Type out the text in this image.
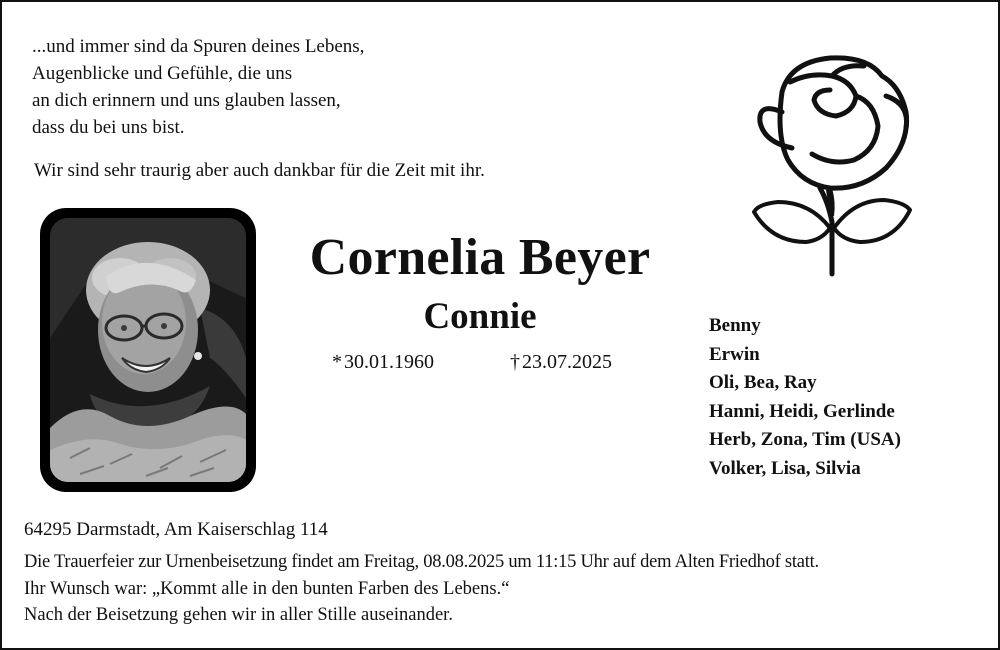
...und immer sind da Spuren deines Lebens,
Augenblicke und Gefühle, die uns
an dich erinnern und uns glauben lassen,
dass du bei uns bist.
Wir sind sehr traurig aber auch dankbar für die Zeit mit ihr.
Cornelia Beyer
Connie
* 30.01.1960	† 23.07.2025
Benny
Erwin
Oli, Bea, Ray
Hanni, Heidi, Gerlinde
Herb, Zona, Tim (USA)
Volker, Lisa, Silvia
64295 Darmstadt, Am Kaiserschlag 114
Die Trauerfeier zur Urnenbeisetzung findet am Freitag, 08.08.2025 um 11:15 Uhr auf dem Alten Friedhof statt.
Ihr Wunsch war: „Kommt alle in den bunten Farben des Lebens.“
Nach der Beisetzung gehen wir in aller Stille auseinander.
